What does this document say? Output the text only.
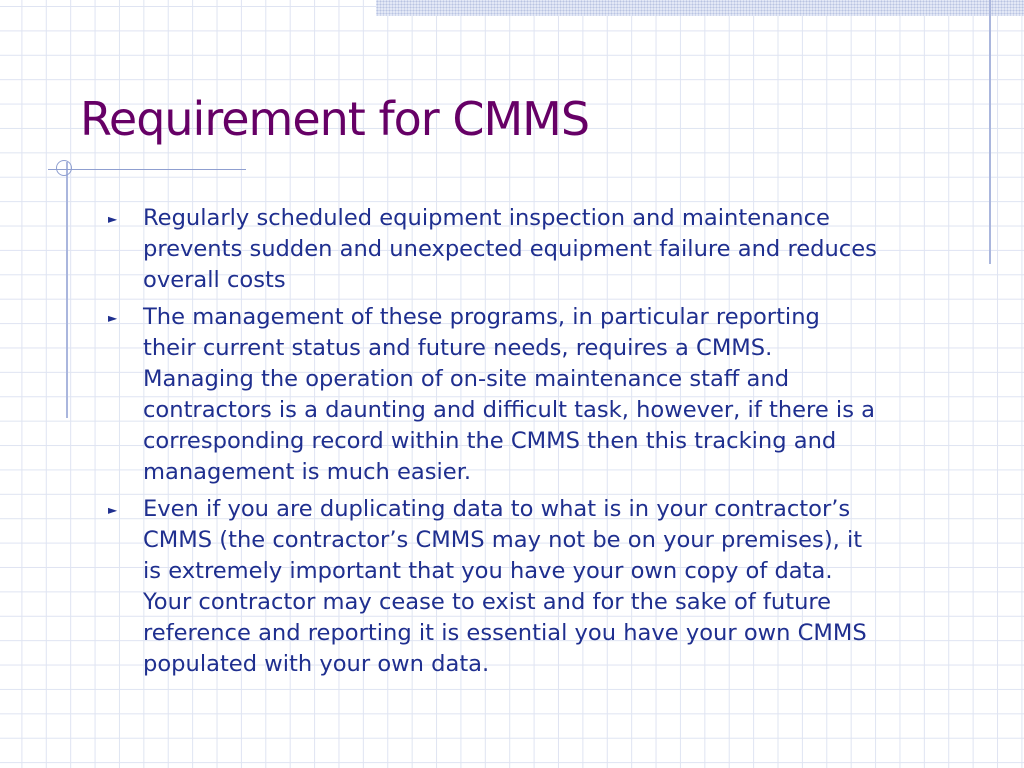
Requirement for CMMS
► Regularly scheduled equipment inspection and maintenance
prevents sudden and unexpected equipment failure and reduces
overall costs
► The management of these programs, in particular reporting
their current status and future needs, requires a CMMS.
Managing the operation of on-site maintenance staff and
contractors is a daunting and difficult task, however, if there is a
corresponding record within the CMMS then this tracking and
management is much easier.
► Even if you are duplicating data to what is in your contractor’s
CMMS (the contractor’s CMMS may not be on your premises), it
is extremely important that you have your own copy of data.
Your contractor may cease to exist and for the sake of future
reference and reporting it is essential you have your own CMMS
populated with your own data.
